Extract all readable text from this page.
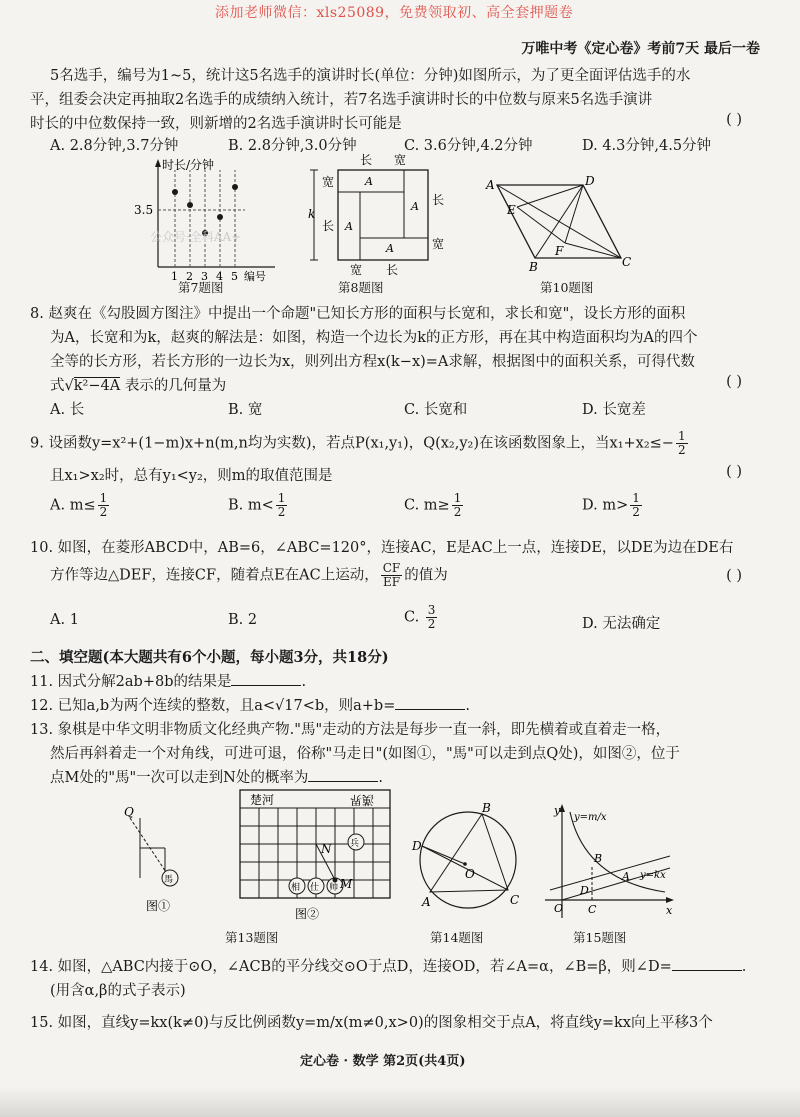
添加老师微信：xls25089，免费领取初、高全套押题卷
万唯中考《定心卷》考前7天 最后一卷
5名选手，编号为1~5，统计这5名选手的演讲时长(单位：分钟)如图所示，为了更全面评估选手的水
平，组委会决定再抽取2名选手的成绩纳入统计，若7名选手演讲时长的中位数与原来5名选手演讲
时长的中位数保持一致，则新增的2名选手演讲时长可能是	( )
A. 2.8分钟,3.7分钟	B. 2.8分钟,3.0分钟	C. 3.6分钟,4.2分钟	D. 4.3分钟,4.5分钟
时长/分钟
3.5
1 2 3 4 5 编号
第7题图
公众号·全科AA+
k
长 宽
宽
长
长
宽
宽 长
A
A
A
A
第8题图
A	D
C
B
E
F
第10题图
8. 赵爽在《勾股圆方图注》中提出一个命题"已知长方形的面积与长宽和，求长和宽"，设长方形的面积
为A，长宽和为k，赵爽的解法是：如图，构造一个边长为k的正方形，再在其中构造面积均为A的四个
全等的长方形，若长方形的一边长为x，则列出方程x(k−x)=A求解，根据图中的面积关系，可得代数
式√k²−4A 表示的几何量为	( )
A. 长	B. 宽	C. 长宽和	D. 长宽差
9. 设函数y=x²+(1−m)x+n(m,n均为实数)，若点P(x₁,y₁)，Q(x₂,y₂)在该函数图象上，当$x_1+x_2\le- \frac{1}{2}$
且x₁>x₂时，总有y₁<y₂，则m的取值范围是	( )
A. $m\le \frac{1}{2}$	B. $m< \frac{1}{2}$	C. $m\ge \frac{1}{2}$	D. $m> \frac{1}{2}$
10. 如图，在菱形ABCD中，AB=6，∠ABC=120°，连接AC，E是AC上一点，连接DE，以DE为边在DE右
方作等边△DEF，连接CF，随着点E在AC上运动， $\frac{CF}{EF}$ 的值为	( )
A. 1	B. 2	C. $\frac{3}{2}$	D. 无法确定
二、填空题(本大题共有6个小题，每小题3分，共18分)
11. 因式分解2ab+8b的结果是	.
12. 已知a,b为两个连续的整数，且a<√17<b，则a+b=	.
13. 象棋是中华文明非物质文化经典产物."馬"走动的方法是每步一直一斜，即先横着或直着走一格，
然后再斜着走一个对角线，可进可退，俗称"马走日"(如图①，"馬"可以走到点Q处)，如图②，位于
点M处的"馬"一次可以走到N处的概率为	.
馬
Q
图①
楚河	漢界
兵
N
相 仕 帅 M
图②
第13题图
O
B
D
A	C
第14题图
y
x
O
y=m/x
y=kx
B
A
D
C
第15题图
14. 如图，△ABC内接于⊙O，∠ACB的平分线交⊙O于点D，连接OD，若∠A=α，∠B=β，则∠D=	.
(用含α,β的式子表示)
15. 如图，直线y=kx(k≠0)与反比例函数y=m/x(m≠0,x>0)的图象相交于点A，将直线y=kx向上平移3个
定心卷 · 数学 第2页(共4页)
